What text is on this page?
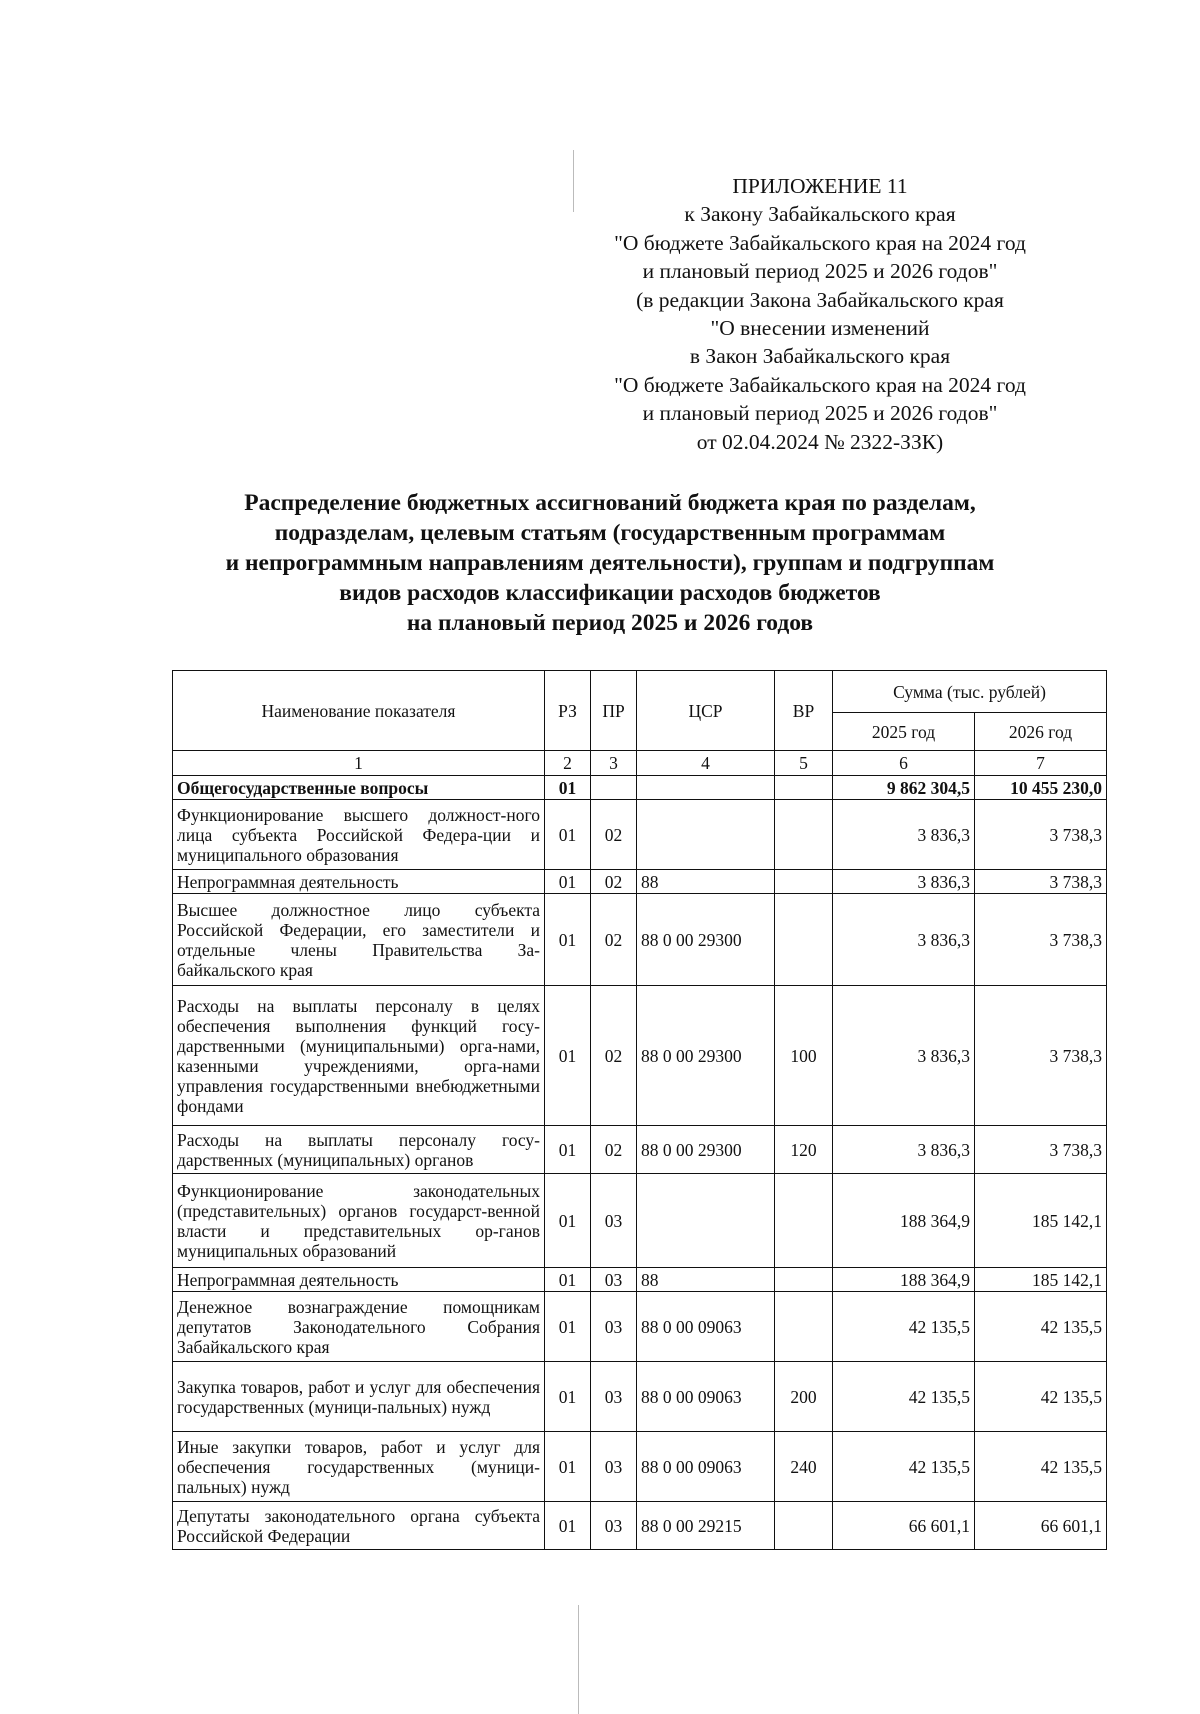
ПРИЛОЖЕНИЕ 11
к Закону Забайкальского края
"О бюджете Забайкальского края на 2024 год
и плановый период 2025 и 2026 годов"
(в редакции Закона Забайкальского края
"О внесении изменений
в Закон Забайкальского края
"О бюджете Забайкальского края на 2024 год
и плановый период 2025 и 2026 годов"
от 02.04.2024 № 2322-ЗЗК)
Распределение бюджетных ассигнований бюджета края по разделам,
подразделам, целевым статьям (государственным программам
и непрограммным направлениям деятельности), группам и подгруппам
видов расходов классификации расходов бюджетов
на плановый период 2025 и 2026 годов
Наименование показателя	РЗ	ПР	ЦСР	ВР	Сумма (тыс. рублей)	
					2025 год	2026 год
1	2	3	4	5	6	7
Общегосударственные вопросы	01				9 862 304,5	10 455 230,0
Функционирование высшего должност-ного лица субъекта Российской Федера-ции и муниципального образования	01	02			3 836,3	3 738,3
Непрограммная деятельность	01	02	88		3 836,3	3 738,3
Высшее должностное лицо субъекта Российской Федерации, его заместители и отдельные члены Правительства За-байкальского края	01	02	88 0 00 29300		3 836,3	3 738,3
Расходы на выплаты персоналу в целях обеспечения выполнения функций госу-дарственными (муниципальными) орга-нами, казенными учреждениями, орга-нами управления государственными внебюджетными фондами	01	02	88 0 00 29300	100	3 836,3	3 738,3
Расходы на выплаты персоналу госу-дарственных (муниципальных) органов	01	02	88 0 00 29300	120	3 836,3	3 738,3
Функционирование законодательных (представительных) органов государст-венной власти и представительных ор-ганов муниципальных образований	01	03			188 364,9	185 142,1
Непрограммная деятельность	01	03	88		188 364,9	185 142,1
Денежное вознаграждение помощникам депутатов Законодательного Собрания Забайкальского края	01	03	88 0 00 09063		42 135,5	42 135,5
Закупка товаров, работ и услуг для обеспечения государственных (муници-пальных) нужд	01	03	88 0 00 09063	200	42 135,5	42 135,5
Иные закупки товаров, работ и услуг для обеспечения государственных (муници-пальных) нужд	01	03	88 0 00 09063	240	42 135,5	42 135,5
Депутаты законодательного органа субъекта Российской Федерации	01	03	88 0 00 29215		66 601,1	66 601,1
